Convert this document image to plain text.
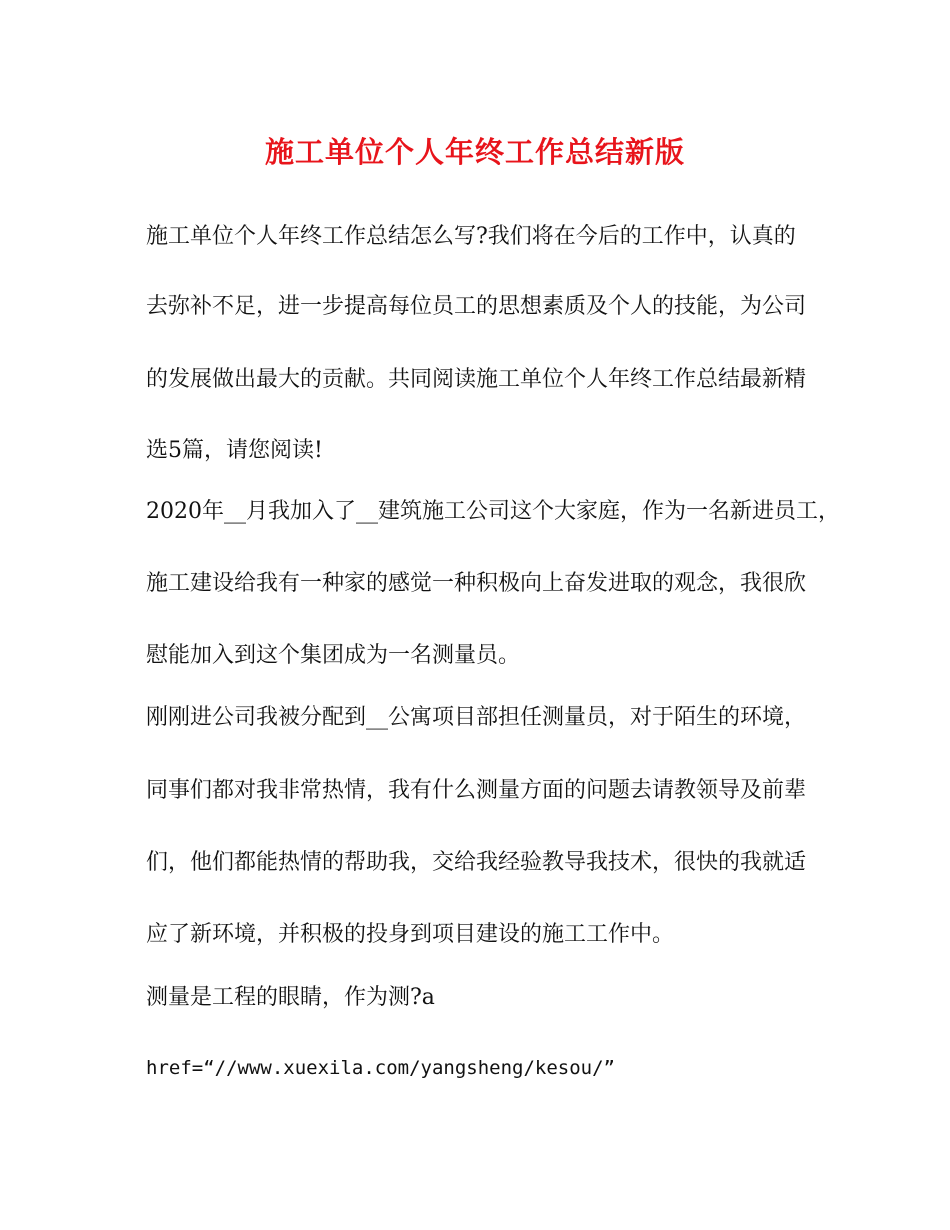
施工单位个人年终工作总结新版
施工单位个人年终工作总结怎么写?我们将在今后的工作中，认真的
去弥补不足，进一步提高每位员工的思想素质及个人的技能，为公司
的发展做出最大的贡献。共同阅读施工单位个人年终工作总结最新精
选5篇，请您阅读!
2020年__月我加入了__建筑施工公司这个大家庭，作为一名新进员工，
施工建设给我有一种家的感觉一种积极向上奋发进取的观念，我很欣
慰能加入到这个集团成为一名测量员。
刚刚进公司我被分配到__公寓项目部担任测量员，对于陌生的环境，
同事们都对我非常热情，我有什么测量方面的问题去请教领导及前辈
们，他们都能热情的帮助我，交给我经验教导我技术，很快的我就适
应了新环境，并积极的投身到项目建设的施工工作中。
测量是工程的眼睛，作为测?a
href=“//www.xuexila.com/yangsheng/kesou/”
